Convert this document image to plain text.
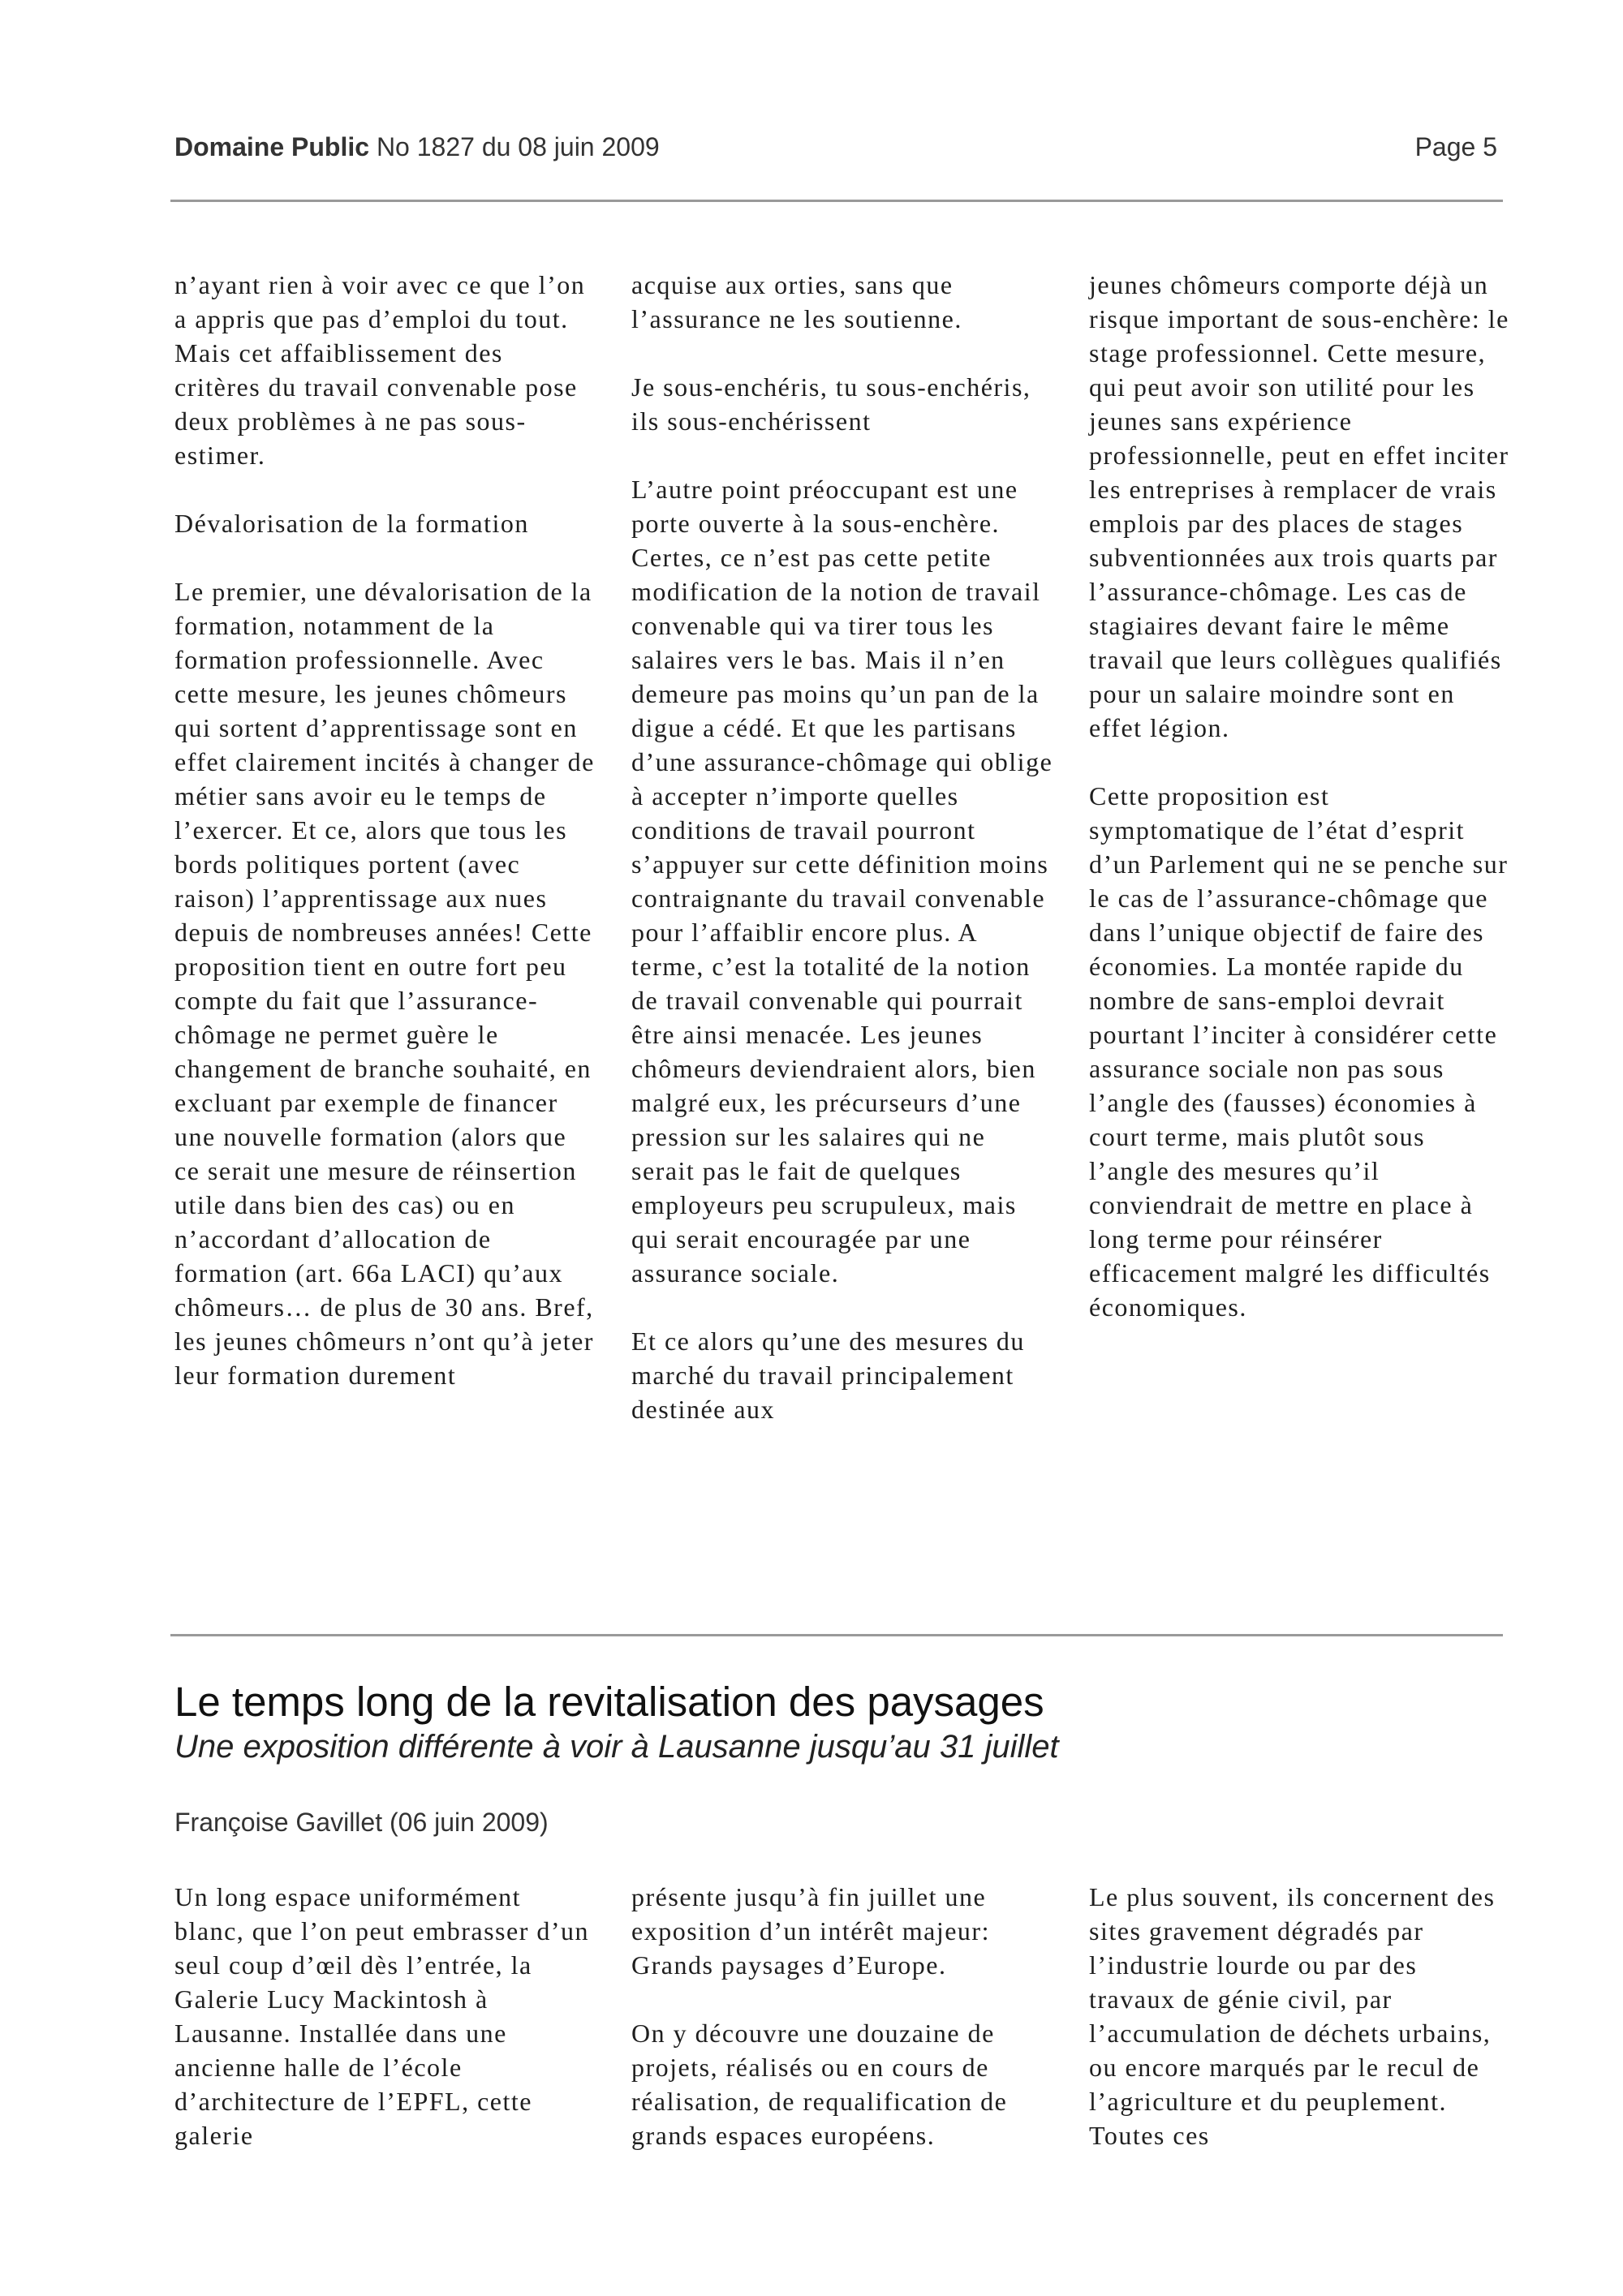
Domaine Public No 1827 du 08 juin 2009	Page 5

n’ayant rien à voir avec ce que l’on a appris que pas d’emploi du tout. Mais cet affaiblissement des critères du travail convenable pose deux problèmes à ne pas sous-estimer.

Dévalorisation de la formation

Le premier, une dévalorisation de la formation, notamment de la formation professionnelle. Avec cette mesure, les jeunes chômeurs qui sortent d’apprentissage sont en effet clairement incités à changer de métier sans avoir eu le temps de l’exercer. Et ce, alors que tous les bords politiques portent (avec raison) l’apprentissage aux nues depuis de nombreuses années! Cette proposition tient en outre fort peu compte du fait que l’assurance-chômage ne permet guère le changement de branche souhaité, en excluant par exemple de financer une nouvelle formation (alors que ce serait une mesure de réinsertion utile dans bien des cas) ou en n’accordant d’allocation de formation (art. 66a LACI) qu’aux chômeurs… de plus de 30 ans. Bref, les jeunes chômeurs n’ont qu’à jeter leur formation durement

acquise aux orties, sans que l’assurance ne les soutienne.

Je sous-enchéris, tu sous-enchéris, ils sous-enchérissent

L’autre point préoccupant est une porte ouverte à la sous-enchère. Certes, ce n’est pas cette petite modification de la notion de travail convenable qui va tirer tous les salaires vers le bas. Mais il n’en demeure pas moins qu’un pan de la digue a cédé. Et que les partisans d’une assurance-chômage qui oblige à accepter n’importe quelles conditions de travail pourront s’appuyer sur cette définition moins contraignante du travail convenable pour l’affaiblir encore plus. A terme, c’est la totalité de la notion de travail convenable qui pourrait être ainsi menacée. Les jeunes chômeurs deviendraient alors, bien malgré eux, les précurseurs d’une pression sur les salaires qui ne serait pas le fait de quelques employeurs peu scrupuleux, mais qui serait encouragée par une assurance sociale.

Et ce alors qu’une des mesures du marché du travail principalement destinée aux

jeunes chômeurs comporte déjà un risque important de sous-enchère: le stage professionnel. Cette mesure, qui peut avoir son utilité pour les jeunes sans expérience professionnelle, peut en effet inciter les entreprises à remplacer de vrais emplois par des places de stages subventionnées aux trois quarts par l’assurance-chômage. Les cas de stagiaires devant faire le même travail que leurs collègues qualifiés pour un salaire moindre sont en effet légion.

Cette proposition est symptomatique de l’état d’esprit d’un Parlement qui ne se penche sur le cas de l’assurance-chômage que dans l’unique objectif de faire des économies. La montée rapide du nombre de sans-emploi devrait pourtant l’inciter à considérer cette assurance sociale non pas sous l’angle des (fausses) économies à court terme, mais plutôt sous l’angle des mesures qu’il conviendrait de mettre en place à long terme pour réinsérer efficacement malgré les difficultés économiques.

Le temps long de la revitalisation des paysages
Une exposition différente à voir à Lausanne jusqu’au 31 juillet
Françoise Gavillet (06 juin 2009)

Un long espace uniformément blanc, que l’on peut embrasser d’un seul coup d’œil dès l’entrée, la Galerie Lucy Mackintosh à Lausanne. Installée dans une ancienne halle de l’école d’architecture de l’EPFL, cette galerie

présente jusqu’à fin juillet une exposition d’un intérêt majeur: Grands paysages d’Europe.

On y découvre une douzaine de projets, réalisés ou en cours de réalisation, de requalification de grands espaces européens.

Le plus souvent, ils concernent des sites gravement dégradés par l’industrie lourde ou par des travaux de génie civil, par l’accumulation de déchets urbains, ou encore marqués par le recul de l’agriculture et du peuplement. Toutes ces
